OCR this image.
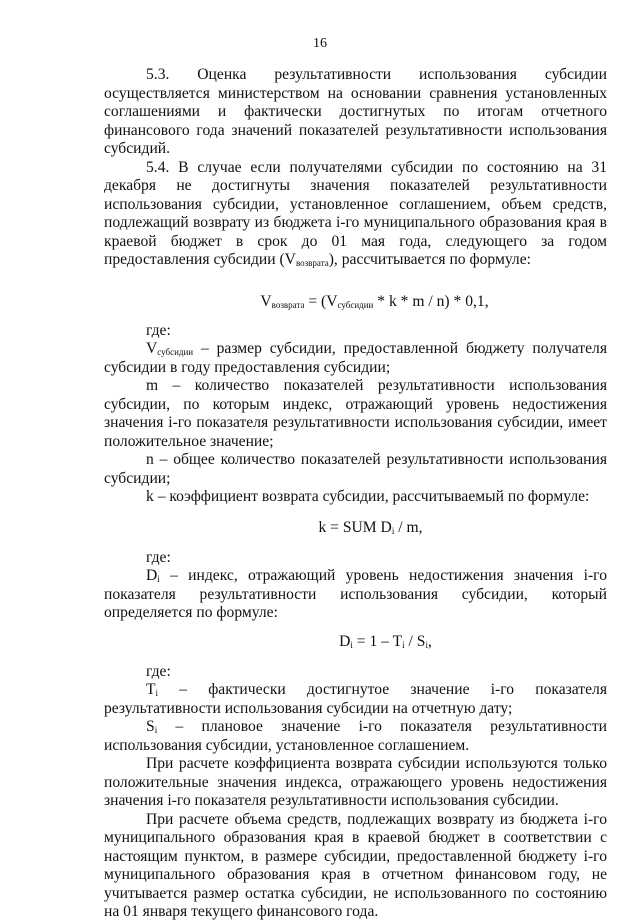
16

5.3. Оценка результативности использования субсидии осуществляется министерством на основании сравнения установленных соглашениями и фактически достигнутых по итогам отчетного финансового года значений показателей результативности использования субсидий.

5.4. В случае если получателями субсидии по состоянию на 31 декабря не достигнуты значения показателей результативности использования субсидии, установленное соглашением, объем средств, подлежащий возврату из бюджета i-го муниципального образования края в краевой бюджет в срок до 01 мая года, следующего за годом предоставления субсидии $(V_{возврата})$, рассчитывается по формуле:

$V_{возврата} = (V_{субсидии} * k * m / n) * 0,1$,

где:

$V_{субсидии}$ – размер субсидии, предоставленной бюджету получателя субсидии в году предоставления субсидии;

m – количество показателей результативности использования субсидии, по которым индекс, отражающий уровень недостижения значения i-го показателя результативности использования субсидии, имеет положительное значение;

n – общее количество показателей результативности использования субсидии;

k – коэффициент возврата субсидии, рассчитываемый по формуле:

k = SUM $D_i$ / m,

где:

$D_i$ – индекс, отражающий уровень недостижения значения i-го показателя результативности использования субсидии, который определяется по формуле:

$D_i = 1 - T_i / S_i$,

где:

$T_i$ – фактически достигнутое значение i-го показателя результативности использования субсидии на отчетную дату;

$S_i$ – плановое значение i-го показателя результативности использования субсидии, установленное соглашением.

При расчете коэффициента возврата субсидии используются только положительные значения индекса, отражающего уровень недостижения значения i-го показателя результативности использования субсидии.

При расчете объема средств, подлежащих возврату из бюджета i-го муниципального образования края в краевой бюджет в соответствии с настоящим пунктом, в размере субсидии, предоставленной бюджету i-го муниципального образования края в отчетном финансовом году, не учитывается размер остатка субсидии, не использованного по состоянию на 01 января текущего финансового года.
